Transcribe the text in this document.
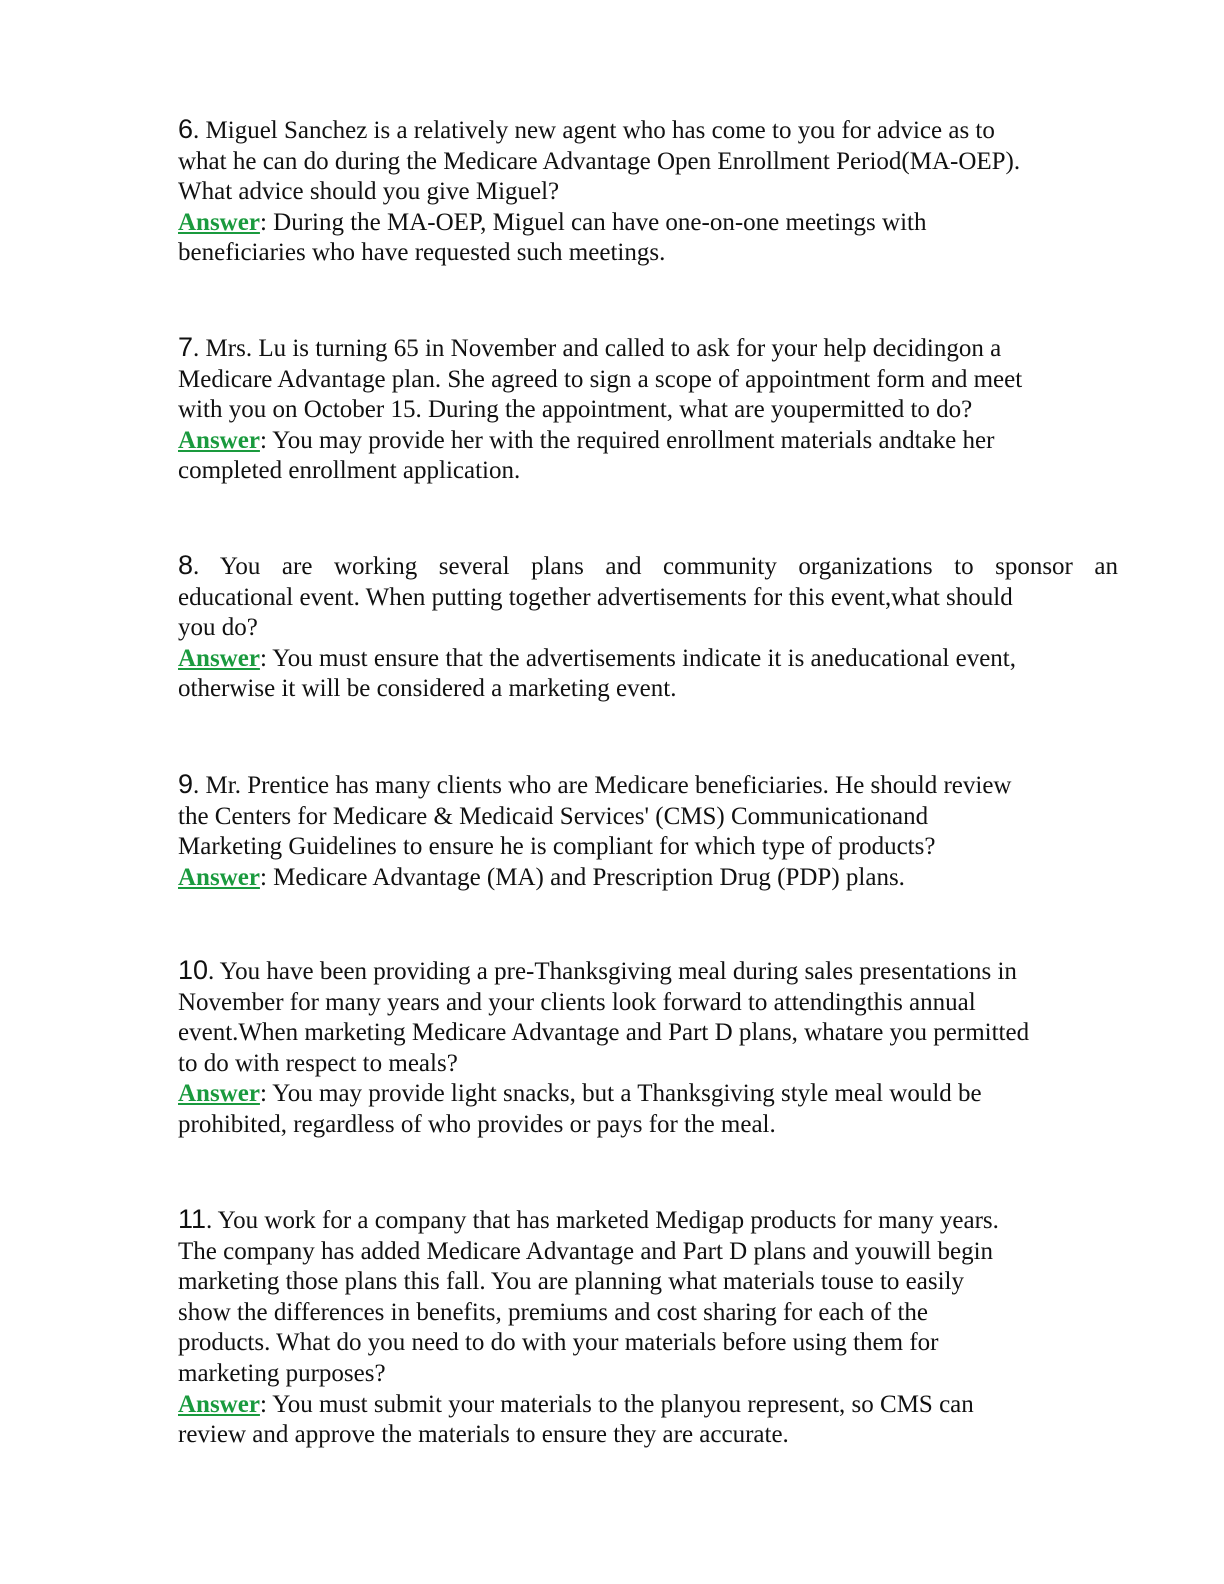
6. Miguel Sanchez is a relatively new agent who has come to you for advice as to
what he can do during the Medicare Advantage Open Enrollment Period(MA-OEP).
What advice should you give Miguel?

Answer: During the MA-OEP, Miguel can have one-on-one meetings with
beneficiaries who have requested such meetings.

7. Mrs. Lu is turning 65 in November and called to ask for your help decidingon a
Medicare Advantage plan. She agreed to sign a scope of appointment form and meet
with you on October 15. During the appointment, what are youpermitted to do?

Answer: You may provide her with the required enrollment materials andtake her
completed enrollment application.

8. You are working several plans and community organizations to sponsor an
educational event. When putting together advertisements for this event,what should
you do?

Answer: You must ensure that the advertisements indicate it is aneducational event,
otherwise it will be considered a marketing event.

9. Mr. Prentice has many clients who are Medicare beneficiaries. He should review
the Centers for Medicare & Medicaid Services' (CMS) Communicationand
Marketing Guidelines to ensure he is compliant for which type of products?

Answer: Medicare Advantage (MA) and Prescription Drug (PDP) plans.

10. You have been providing a pre-Thanksgiving meal during sales presentations in
November for many years and your clients look forward to attendingthis annual
event.When marketing Medicare Advantage and Part D plans, whatare you permitted
to do with respect to meals?

Answer: You may provide light snacks, but a Thanksgiving style meal would be
prohibited, regardless of who provides or pays for the meal.

11. You work for a company that has marketed Medigap products for many years.
The company has added Medicare Advantage and Part D plans and youwill begin
marketing those plans this fall. You are planning what materials touse to easily
show the differences in benefits, premiums and cost sharing for each of the
products. What do you need to do with your materials before using them for
marketing purposes?

Answer: You must submit your materials to the planyou represent, so CMS can
review and approve the materials to ensure they are accurate.
